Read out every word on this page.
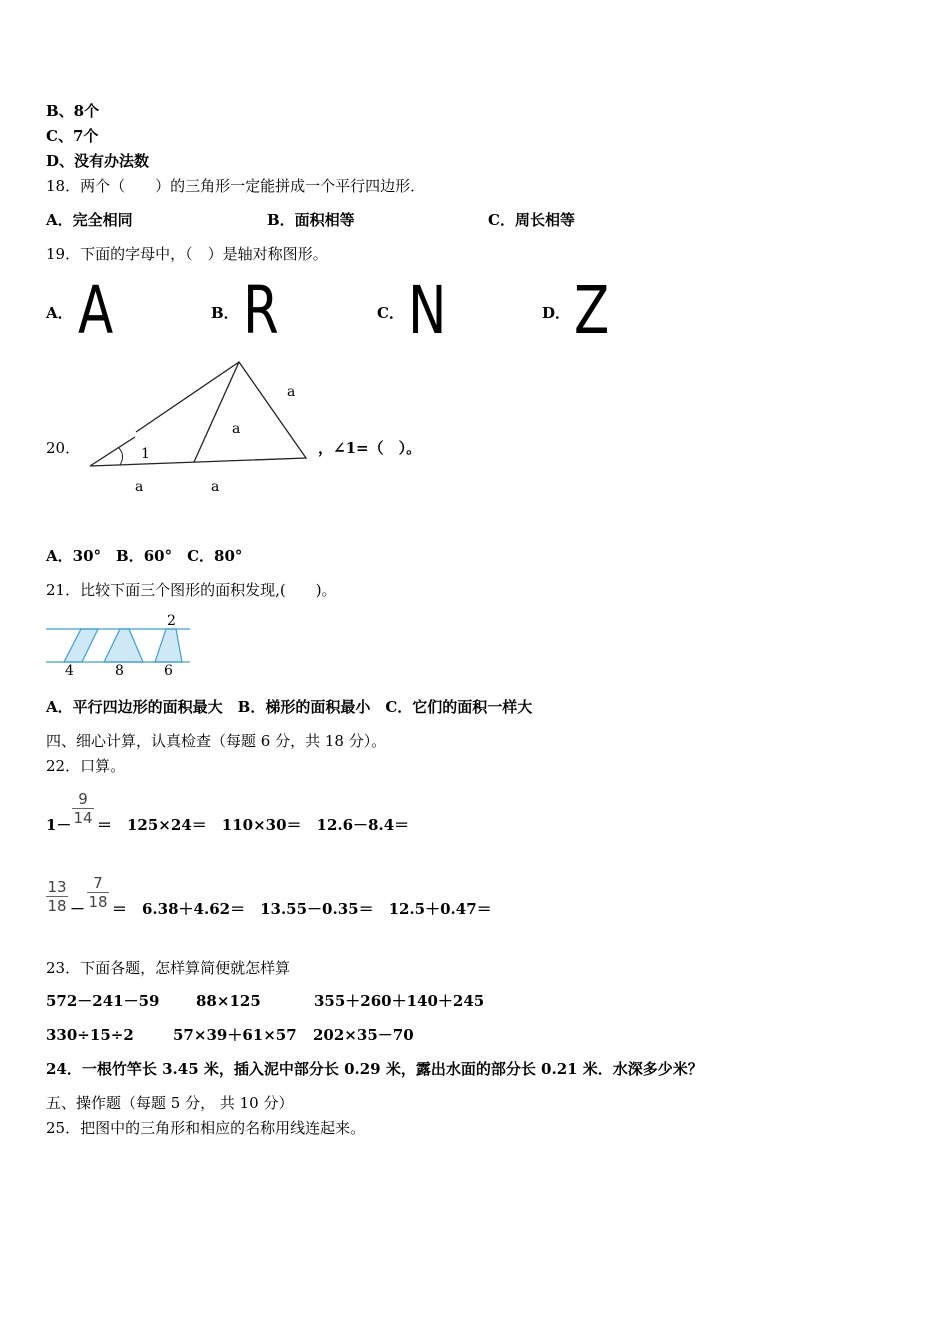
B、8个
C、7个
D、没有办法数
18．两个（　　）的三角形一定能拼成一个平行四边形．
A．完全相同	B．面积相等	C．周长相等
19．下面的字母中，（　）是轴对称图形。
A． A	B． R	C． N	D． Z
20．	1
a
a
a	a
，∠1=（　）。
A．30°　B．60°　C．80°
21．比较下面三个图形的面积发现,(　　)。
2
4	8	6
A．平行四边形的面积最大　B．梯形的面积最小　C．它们的面积一样大
四、细心计算，认真检查（每题 6 分，共 18 分）。
22．口算。
$1- \frac{9}{14}$ ＝　125×24＝　110×30＝　12.6－8.4＝
$\frac{13}{18} - \frac{7}{18}$ ＝　6.38＋4.62＝　13.55－0.35＝　12.5＋0.47＝
23．下面各题，怎样算简便就怎样算
572－241－59 88×125	355＋260＋140＋245
330÷15÷2	57×39＋61×57 202×35－70
24．一根竹竿长 3.45 米，插入泥中部分长 0.29 米，露出水面的部分长 0.21 米．水深多少米？
五、操作题（每题 5 分， 共 10 分）
25．把图中的三角形和相应的名称用线连起来。
